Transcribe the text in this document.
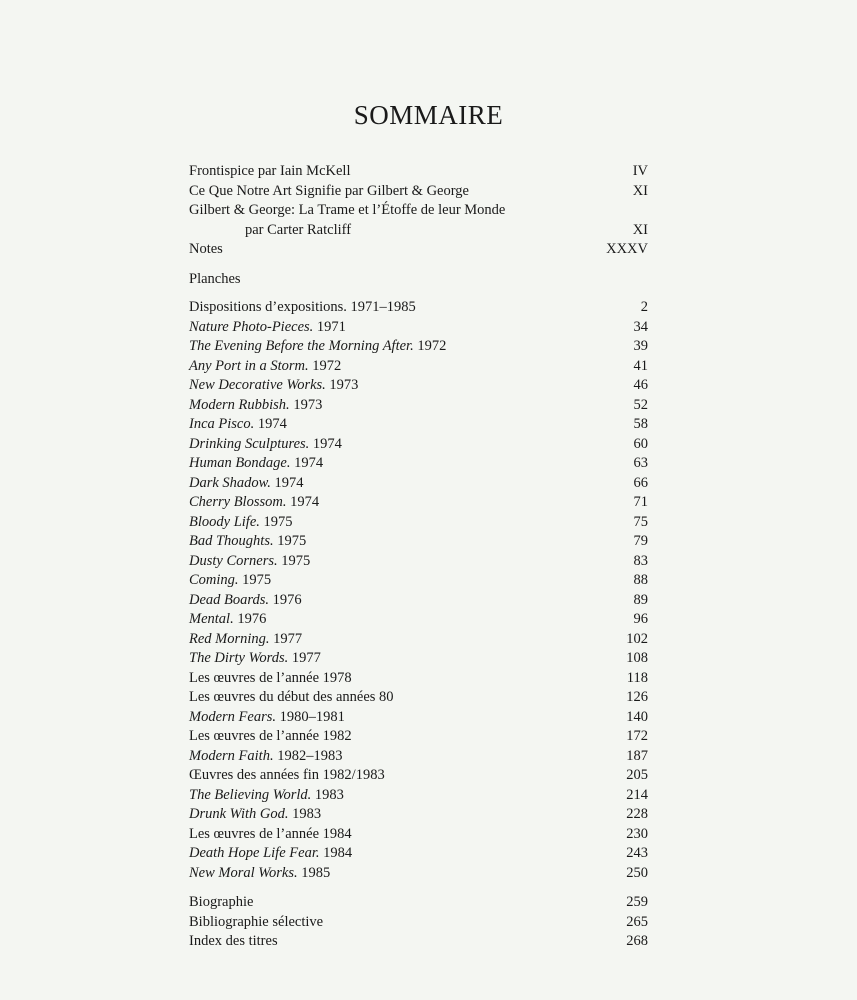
SOMMAIRE
Frontispice par Iain McKell	IV
Ce Que Notre Art Signifie par Gilbert & George	XI
Gilbert & George: La Trame et l’Étoffe de leur Monde
par Carter Ratcliff	XI
Notes	XXXV
Planches
Dispositions d’expositions. 1971–1985	2
Nature Photo-Pieces. 1971	34
The Evening Before the Morning After. 1972	39
Any Port in a Storm. 1972	41
New Decorative Works. 1973	46
Modern Rubbish. 1973	52
Inca Pisco. 1974	58
Drinking Sculptures. 1974	60
Human Bondage. 1974	63
Dark Shadow. 1974	66
Cherry Blossom. 1974	71
Bloody Life. 1975	75
Bad Thoughts. 1975	79
Dusty Corners. 1975	83
Coming. 1975	88
Dead Boards. 1976	89
Mental. 1976	96
Red Morning. 1977	102
The Dirty Words. 1977	108
Les œuvres de l’année 1978	118
Les œuvres du début des années 80	126
Modern Fears. 1980–1981	140
Les œuvres de l’année 1982	172
Modern Faith. 1982–1983	187
Œuvres des années fin 1982/1983	205
The Believing World. 1983	214
Drunk With God. 1983	228
Les œuvres de l’année 1984	230
Death Hope Life Fear. 1984	243
New Moral Works. 1985	250
Biographie	259
Bibliographie sélective	265
Index des titres	268
